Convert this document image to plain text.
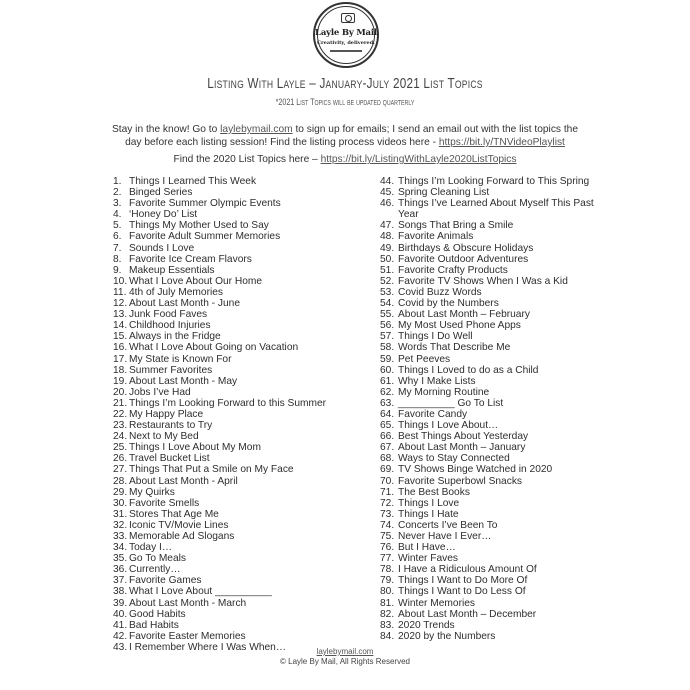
Layle By Mail
Creativity, delivered.
Listing With Layle – January-July 2021 List Topics
*2021 List Topics will be updated quarterly
Stay in the know! Go to laylebymail.com to sign up for emails; I send an email out with the list topics the day before each listing session! Find the listing process videos here - https://bit.ly/TNVideoPlaylist
Find the 2020 List Topics here – https://bit.ly/ListingWithLayle2020ListTopics
1. Things I Learned This Week
2. Binged Series
3. Favorite Summer Olympic Events
4. ‘Honey Do’ List
5. Things My Mother Used to Say
6. Favorite Adult Summer Memories
7. Sounds I Love
8. Favorite Ice Cream Flavors
9. Makeup Essentials
10. What I Love About Our Home
11. 4th of July Memories
12. About Last Month - June
13. Junk Food Faves
14. Childhood Injuries
15. Always in the Fridge
16. What I Love About Going on Vacation
17. My State is Known For
18. Summer Favorites
19. About Last Month - May
20. Jobs I’ve Had
21. Things I’m Looking Forward to this Summer
22. My Happy Place
23. Restaurants to Try
24. Next to My Bed
25. Things I Love About My Mom
26. Travel Bucket List
27. Things That Put a Smile on My Face
28. About Last Month - April
29. My Quirks
30. Favorite Smells
31. Stores That Age Me
32. Iconic TV/Movie Lines
33. Memorable Ad Slogans
34. Today I…
35. Go To Meals
36. Currently…
37. Favorite Games
38. What I Love About __________
39. About Last Month - March
40. Good Habits
41. Bad Habits
42. Favorite Easter Memories
43. I Remember Where I Was When…
44. Things I’m Looking Forward to This Spring
45. Spring Cleaning List
46. Things I’ve Learned About Myself This Past Year
47. Songs That Bring a Smile
48. Favorite Animals
49. Birthdays & Obscure Holidays
50. Favorite Outdoor Adventures
51. Favorite Crafty Products
52. Favorite TV Shows When I Was a Kid
53. Covid Buzz Words
54. Covid by the Numbers
55. About Last Month – February
56. My Most Used Phone Apps
57. Things I Do Well
58. Words That Describe Me
59. Pet Peeves
60. Things I Loved to do as a Child
61. Why I Make Lists
62. My Morning Routine
63. __________ Go To List
64. Favorite Candy
65. Things I Love About…
66. Best Things About Yesterday
67. About Last Month – January
68. Ways to Stay Connected
69. TV Shows Binge Watched in 2020
70. Favorite Superbowl Snacks
71. The Best Books
72. Things I Love
73. Things I Hate
74. Concerts I’ve Been To
75. Never Have I Ever…
76. But I Have…
77. Winter Faves
78. I Have a Ridiculous Amount Of
79. Things I Want to Do More Of
80. Things I Want to Do Less Of
81. Winter Memories
82. About Last Month – December
83. 2020 Trends
84. 2020 by the Numbers
laylebymail.com
© Layle By Mail, All Rights Reserved
